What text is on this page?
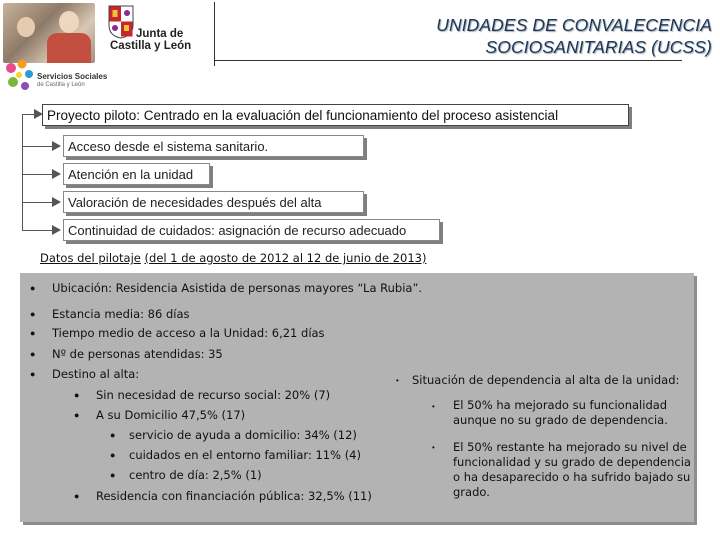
Junta de
Castilla y León
UNIDADES DE CONVALECENCIA
SOCIOSANITARIAS (UCSS)
Servicios Sociales
de Castilla y León
Proyecto piloto: Centrado en la evaluación del funcionamiento del proceso asistencial
Acceso desde el sistema sanitario.
Atención en la unidad
Valoración de necesidades después del alta
Continuidad de cuidados: asignación de recurso adecuado
Datos del pilotaje (del 1 de agosto de 2012 al 12 de junio de 2013)
● Ubicación: Residencia Asistida de personas mayores “La Rubia”.
● Estancia media: 86 días
● Tiempo medio de acceso a la Unidad: 6,21 días
● Nº de personas atendidas: 35
● Destino al alta:
● Sin necesidad de recurso social: 20% (7)
● A su Domicilio 47,5% (17)
● servicio de ayuda a domicilio: 34% (12)
● cuidados en el entorno familiar: 11% (4)
● centro de día: 2,5% (1)
● Residencia con financiación pública: 32,5% (11)
• Situación de dependencia al alta de la unidad:
• El 50% ha mejorado su funcionalidad
aunque no su grado de dependencia.
• El 50% restante ha mejorado su nivel de
funcionalidad y su grado de dependencia
o ha desaparecido o ha sufrido bajado su
grado.
